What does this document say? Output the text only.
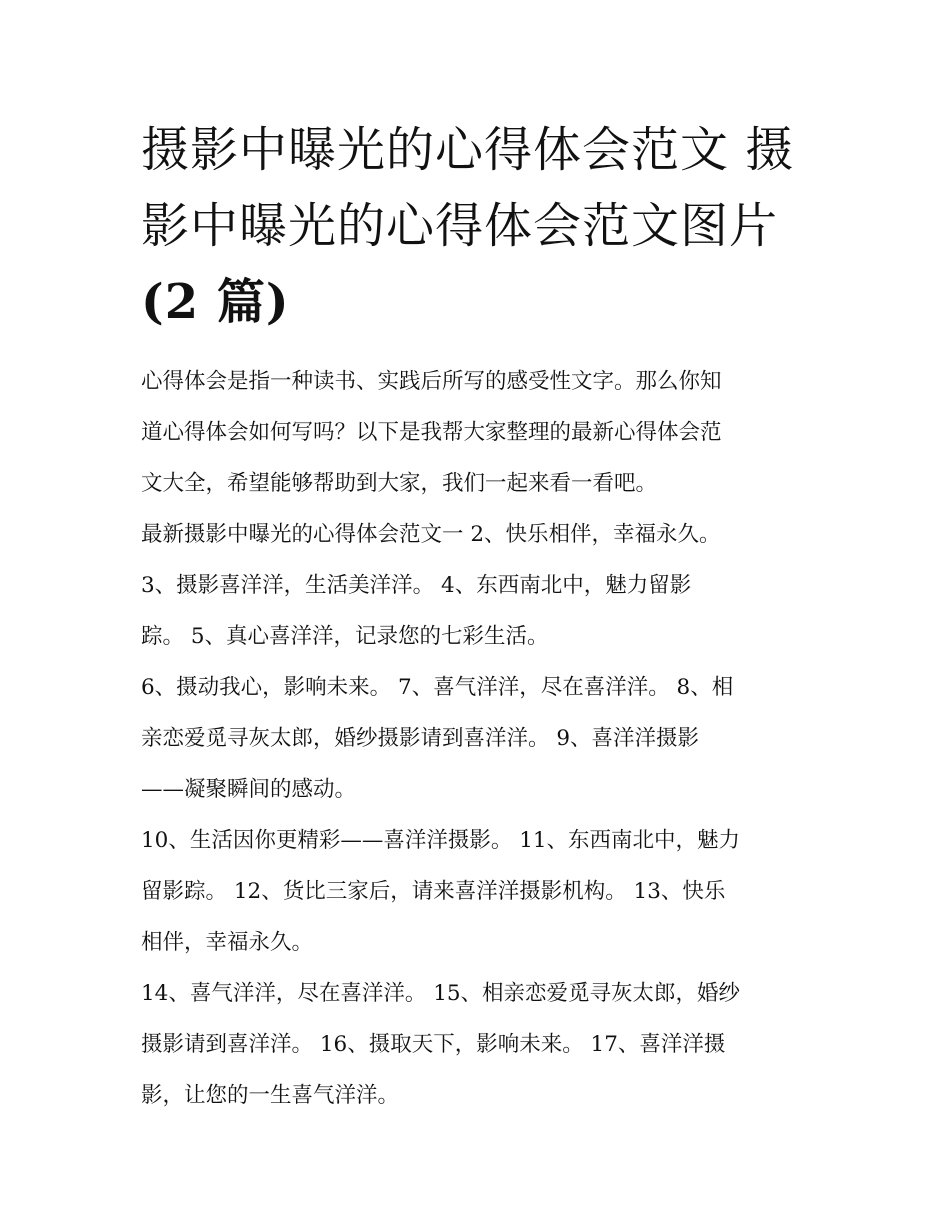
摄影中曝光的心得体会范文 摄
影中曝光的心得体会范文图片
(2 篇)

心得体会是指一种读书、实践后所写的感受性文字。那么你知
道心得体会如何写吗？以下是我帮大家整理的最新心得体会范
文大全，希望能够帮助到大家，我们一起来看一看吧。

最新摄影中曝光的心得体会范文一 2、快乐相伴，幸福永久。

3、摄影喜洋洋，生活美洋洋。 4、东西南北中，魅力留影
踪。 5、真心喜洋洋，记录您的七彩生活。

6、摄动我心，影响未来。 7、喜气洋洋，尽在喜洋洋。 8、相
亲恋爱觅寻灰太郎，婚纱摄影请到喜洋洋。 9、喜洋洋摄影
——凝聚瞬间的感动。

10、生活因你更精彩——喜洋洋摄影。 11、东西南北中，魅力
留影踪。 12、货比三家后，请来喜洋洋摄影机构。 13、快乐
相伴，幸福永久。

14、喜气洋洋，尽在喜洋洋。 15、相亲恋爱觅寻灰太郎，婚纱
摄影请到喜洋洋。 16、摄取天下，影响未来。 17、喜洋洋摄
影，让您的一生喜气洋洋。
